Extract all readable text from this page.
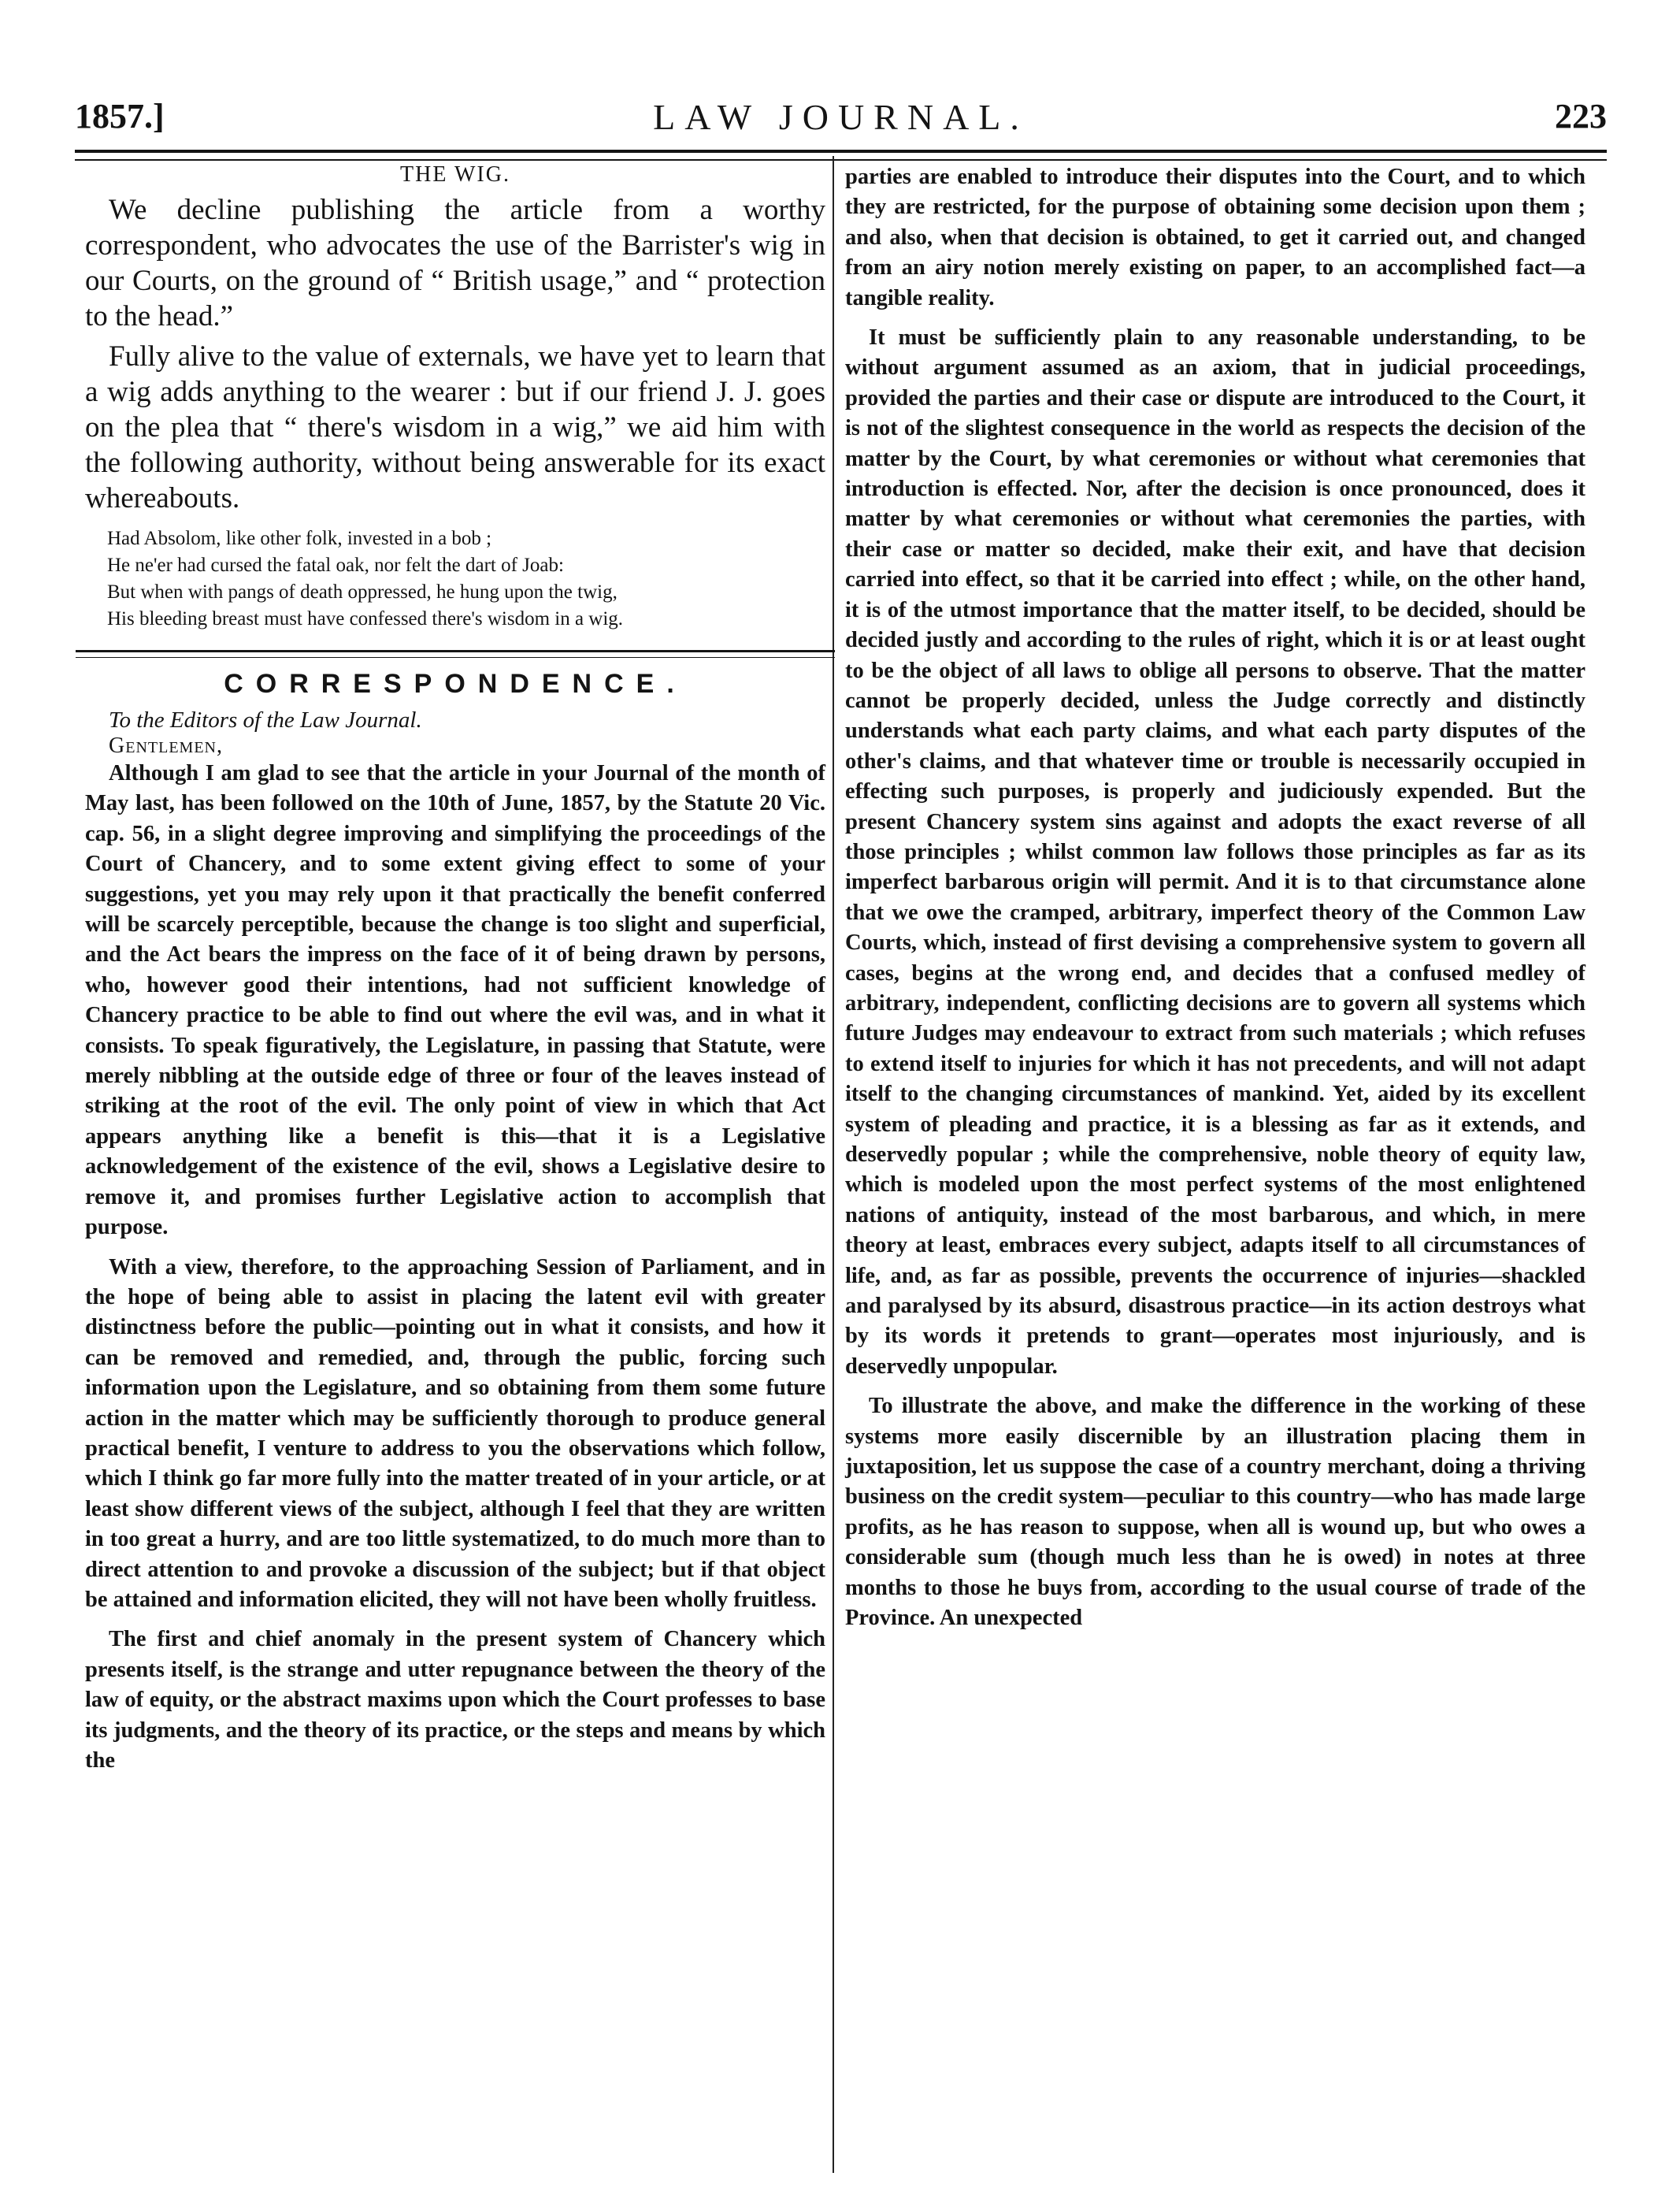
1857.]	LAW JOURNAL.	223
THE WIG.

We decline publishing the article from a worthy correspondent, who advocates the use of the Barrister's wig in our Courts, on the ground of “ British usage,” and “ protection to the head.”

Fully alive to the value of externals, we have yet to learn that a wig adds anything to the wearer : but if our friend J. J. goes on the plea that “ there's wisdom in a wig,” we aid him with the following authority, without being answerable for its exact whereabouts.

Had Absolom, like other folk, invested in a bob ;
He ne'er had cursed the fatal oak, nor felt the dart of Joab:
But when with pangs of death oppressed, he hung upon the twig,
His bleeding breast must have confessed there's wisdom in a wig.
CORRESPONDENCE.

To the Editors of the Law Journal.

Gentlemen,

Although I am glad to see that the article in your Journal of the month of May last, has been followed on the 10th of June, 1857, by the Statute 20 Vic. cap. 56, in a slight degree improving and simplifying the proceedings of the Court of Chancery, and to some extent giving effect to some of your suggestions, yet you may rely upon it that practically the benefit conferred will be scarcely perceptible, because the change is too slight and superficial, and the Act bears the impress on the face of it of being drawn by persons, who, however good their intentions, had not sufficient knowledge of Chancery practice to be able to find out where the evil was, and in what it consists. To speak figuratively, the Legislature, in passing that Statute, were merely nibbling at the outside edge of three or four of the leaves instead of striking at the root of the evil. The only point of view in which that Act appears anything like a benefit is this—that it is a Legislative acknowledgement of the existence of the evil, shows a Legislative desire to remove it, and promises further Legislative action to accomplish that purpose.

With a view, therefore, to the approaching Session of Parliament, and in the hope of being able to assist in placing the latent evil with greater distinctness before the public—pointing out in what it consists, and how it can be removed and remedied, and, through the public, forcing such information upon the Legislature, and so obtaining from them some future action in the matter which may be sufficiently thorough to produce general practical benefit, I venture to address to you the observations which follow, which I think go far more fully into the matter treated of in your article, or at least show different views of the subject, although I feel that they are written in too great a hurry, and are too little systematized, to do much more than to direct attention to and provoke a discussion of the subject; but if that object be attained and information elicited, they will not have been wholly fruitless.

The first and chief anomaly in the present system of Chancery which presents itself, is the strange and utter repugnance between the theory of the law of equity, or the abstract maxims upon which the Court professes to base its judgments, and the theory of its practice, or the steps and means by which the

parties are enabled to introduce their disputes into the Court, and to which they are restricted, for the purpose of obtaining some decision upon them ; and also, when that decision is obtained, to get it carried out, and changed from an airy notion merely existing on paper, to an accomplished fact—a tangible reality.

It must be sufficiently plain to any reasonable understanding, to be without argument assumed as an axiom, that in judicial proceedings, provided the parties and their case or dispute are introduced to the Court, it is not of the slightest consequence in the world as respects the decision of the matter by the Court, by what ceremonies or without what ceremonies that introduction is effected. Nor, after the decision is once pronounced, does it matter by what ceremonies or without what ceremonies the parties, with their case or matter so decided, make their exit, and have that decision carried into effect, so that it be carried into effect ; while, on the other hand, it is of the utmost importance that the matter itself, to be decided, should be decided justly and according to the rules of right, which it is or at least ought to be the object of all laws to oblige all persons to observe. That the matter cannot be properly decided, unless the Judge correctly and distinctly understands what each party claims, and what each party disputes of the other's claims, and that whatever time or trouble is necessarily occupied in effecting such purposes, is properly and judiciously expended. But the present Chancery system sins against and adopts the exact reverse of all those principles ; whilst common law follows those principles as far as its imperfect barbarous origin will permit. And it is to that circumstance alone that we owe the cramped, arbitrary, imperfect theory of the Common Law Courts, which, instead of first devising a comprehensive system to govern all cases, begins at the wrong end, and decides that a confused medley of arbitrary, independent, conflicting decisions are to govern all systems which future Judges may endeavour to extract from such materials ; which refuses to extend itself to injuries for which it has not precedents, and will not adapt itself to the changing circumstances of mankind. Yet, aided by its excellent system of pleading and practice, it is a blessing as far as it extends, and deservedly popular ; while the comprehensive, noble theory of equity law, which is modeled upon the most perfect systems of the most enlightened nations of antiquity, instead of the most barbarous, and which, in mere theory at least, embraces every subject, adapts itself to all circumstances of life, and, as far as possible, prevents the occurrence of injuries—shackled and paralysed by its absurd, disastrous practice—in its action destroys what by its words it pretends to grant—operates most injuriously, and is deservedly unpopular.

To illustrate the above, and make the difference in the working of these systems more easily discernible by an illustration placing them in juxtaposition, let us suppose the case of a country merchant, doing a thriving business on the credit system—peculiar to this country—who has made large profits, as he has reason to suppose, when all is wound up, but who owes a considerable sum (though much less than he is owed) in notes at three months to those he buys from, according to the usual course of trade of the Province. An unexpected
